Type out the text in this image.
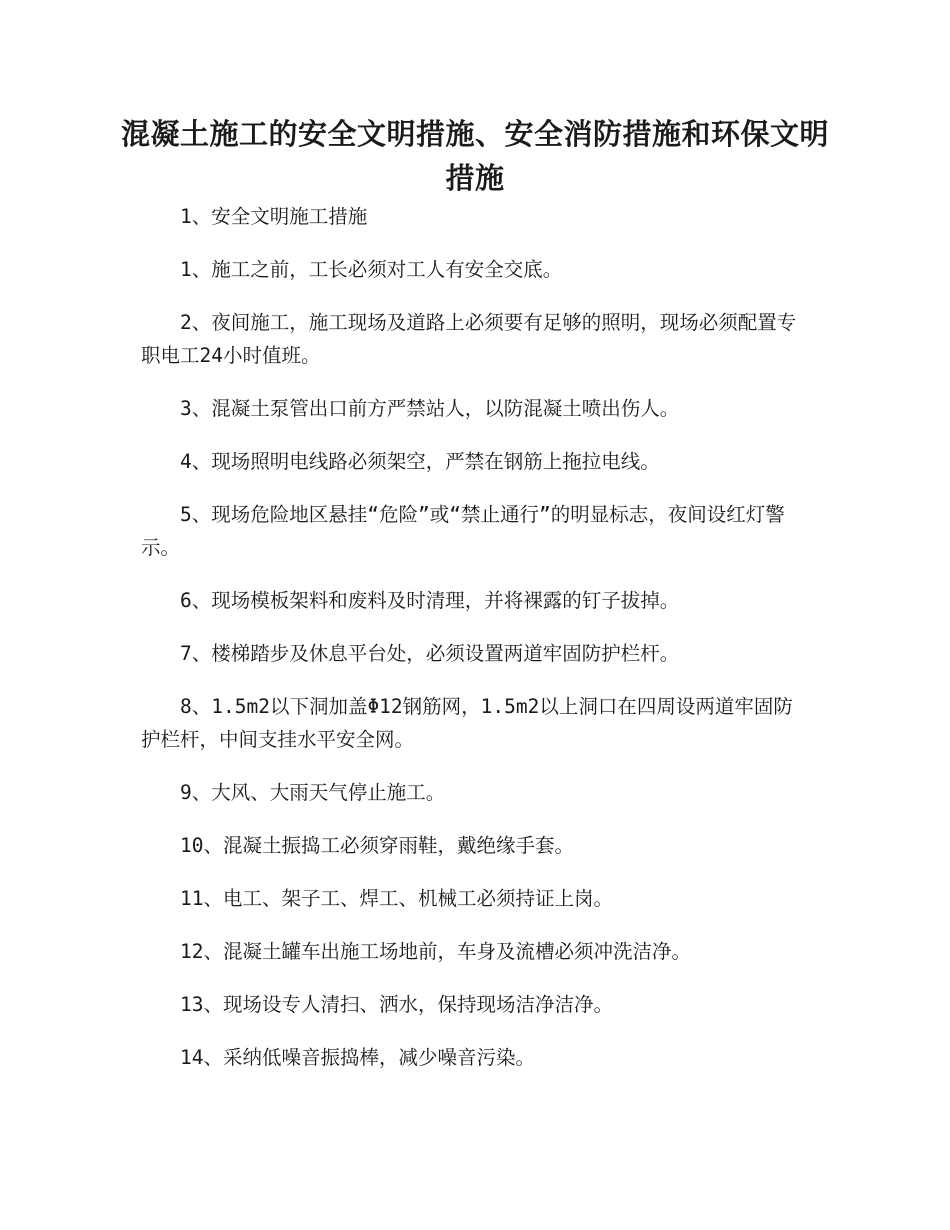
混凝土施工的安全文明措施、安全消防措施和环保文明措施

1、安全文明施工措施

1、施工之前，工长必须对工人有安全交底。

2、夜间施工，施工现场及道路上必须要有足够的照明，现场必须配置专职电工24小时值班。

3、混凝土泵管出口前方严禁站人，以防混凝土喷出伤人。

4、现场照明电线路必须架空，严禁在钢筋上拖拉电线。

5、现场危险地区悬挂“危险”或“禁止通行”的明显标志，夜间设红灯警示。

6、现场模板架料和废料及时清理，并将裸露的钉子拔掉。

7、楼梯踏步及休息平台处，必须设置两道牢固防护栏杆。

8、1.5m2以下洞加盖Φ12钢筋网，1.5m2以上洞口在四周设两道牢固防护栏杆，中间支挂水平安全网。

9、大风、大雨天气停止施工。

10、混凝土振捣工必须穿雨鞋，戴绝缘手套。

11、电工、架子工、焊工、机械工必须持证上岗。

12、混凝土罐车出施工场地前，车身及流槽必须冲洗洁净。

13、现场设专人清扫、洒水，保持现场洁净洁净。

14、采纳低噪音振捣棒，减少噪音污染。
